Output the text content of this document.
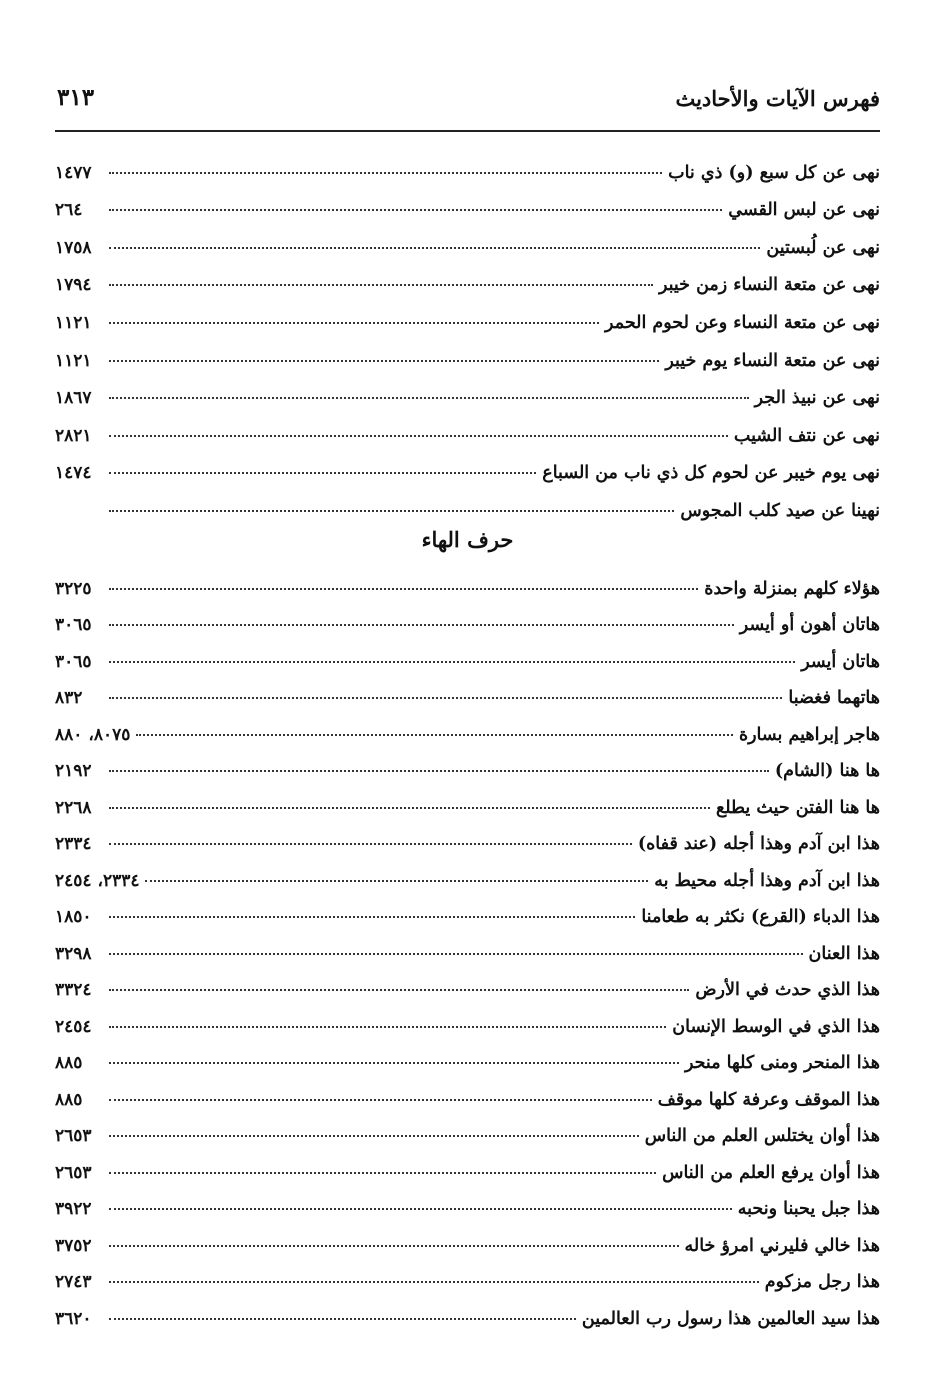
فهرس الآيات والأحاديث
٣١٣
نهى عن كل سبع (و) ذي ناب
١٤٧٧
نهى عن لبس القسي
٢٦٤
نهى عن لُبستين
١٧٥٨
نهى عن متعة النساء زمن خيبر
١٧٩٤
نهى عن متعة النساء وعن لحوم الحمر
١١٢١
نهى عن متعة النساء يوم خيبر
١١٢١
نهى عن نبيذ الجر
١٨٦٧
نهى عن نتف الشيب
٢٨٢١
نهى يوم خيبر عن لحوم كل ذي ناب من السباع
١٤٧٤
نهينا عن صيد كلب المجوس
حرف الهاء
هؤلاء كلهم بمنزلة واحدة
٣٢٢٥
هاتان أهون أو أيسر
٣٠٦٥
هاتان أيسر
٣٠٦٥
هاتهما فغضبا
٨٣٢
هاجر إبراهيم بسارة
٨٠٧٥، ٨٨٠
ها هنا (الشام)
٢١٩٢
ها هنا الفتن حيث يطلع
٢٢٦٨
هذا ابن آدم وهذا أجله (عند قفاه)
٢٣٣٤
هذا ابن آدم وهذا أجله محيط به
٢٣٣٤، ٢٤٥٤
هذا الدباء (القرع) نكثر به طعامنا
١٨٥٠
هذا العنان
٣٢٩٨
هذا الذي حدث في الأرض
٣٣٢٤
هذا الذي في الوسط الإنسان
٢٤٥٤
هذا المنحر ومنى كلها منحر
٨٨٥
هذا الموقف وعرفة كلها موقف
٨٨٥
هذا أوان يختلس العلم من الناس
٢٦٥٣
هذا أوان يرفع العلم من الناس
٢٦٥٣
هذا جبل يحبنا ونحبه
٣٩٢٢
هذا خالي فليرني امرؤ خاله
٣٧٥٢
هذا رجل مزكوم
٢٧٤٣
هذا سيد العالمين هذا رسول رب العالمين
٣٦٢٠
